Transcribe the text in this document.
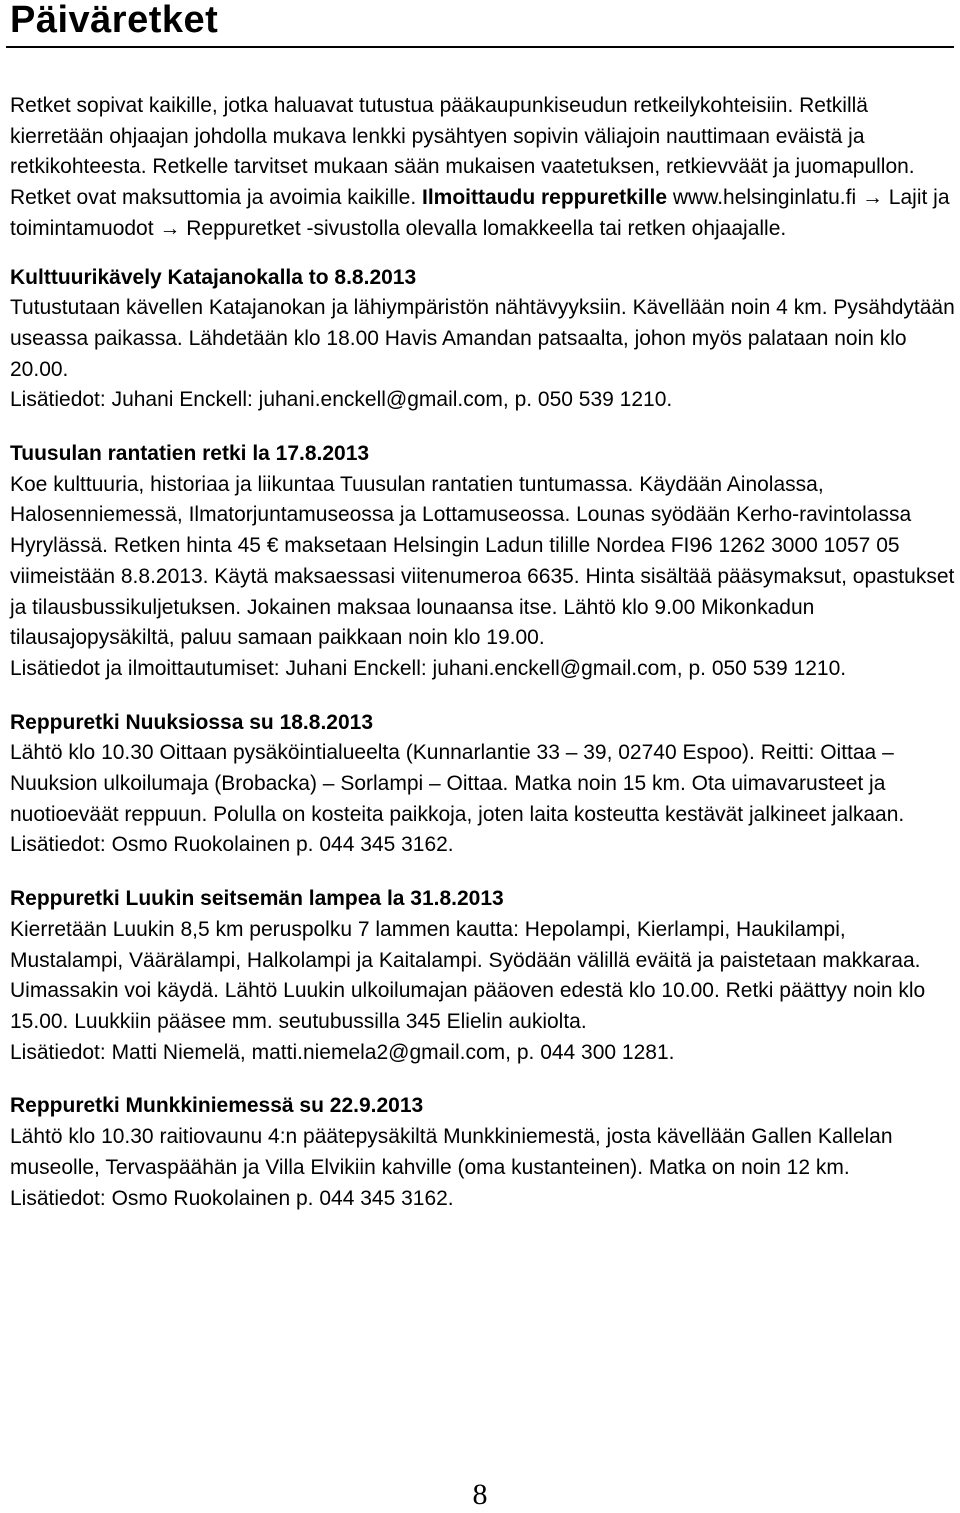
Päiväretket

Retket sopivat kaikille, jotka haluavat tutustua pääkaupunkiseudun retkeilykohteisiin. Retkillä kierretään ohjaajan johdolla mukava lenkki pysähtyen sopivin väliajoin nauttimaan eväistä ja retkikohteesta. Retkelle tarvitset mukaan sään mukaisen vaatetuksen, retkievväät ja juomapullon. Retket ovat maksuttomia ja avoimia kaikille. Ilmoittaudu reppuretkille www.helsinginlatu.fi → Lajit ja toimintamuodot → Reppuretket -sivustolla olevalla lomakkeella tai retken ohjaajalle.

Kulttuurikävely Katajanokalla to 8.8.2013

Tutustutaan kävellen Katajanokan ja lähiympäristön nähtävyyksiin. Kävellään noin 4 km. Pysähdytään useassa paikassa. Lähdetään klo 18.00 Havis Amandan patsaalta, johon myös palataan noin klo 20.00.
Lisätiedot: Juhani Enckell: juhani.enckell@gmail.com, p. 050 539 1210.

Tuusulan rantatien retki la 17.8.2013

Koe kulttuuria, historiaa ja liikuntaa Tuusulan rantatien tuntumassa. Käydään Ainolassa, Halosenniemessä, Ilmatorjuntamuseossa ja Lottamuseossa. Lounas syödään Kerho-ravintolassa Hyrylässä. Retken hinta 45 € maksetaan Helsingin Ladun tilille Nordea FI96 1262 3000 1057 05 viimeistään 8.8.2013. Käytä maksaessasi viitenumeroa 6635. Hinta sisältää pääsymaksut, opastukset ja tilausbussikuljetuksen. Jokainen maksaa lounaansa itse. Lähtö klo 9.00 Mikonkadun tilausajopysäkiltä, paluu samaan paikkaan noin klo 19.00.
Lisätiedot ja ilmoittautumiset: Juhani Enckell: juhani.enckell@gmail.com, p. 050 539 1210.

Reppuretki Nuuksiossa su 18.8.2013

Lähtö klo 10.30 Oittaan pysäköintialueelta (Kunnarlantie 33 – 39, 02740 Espoo). Reitti: Oittaa – Nuuksion ulkoilumaja (Brobacka) – Sorlampi – Oittaa. Matka noin 15 km. Ota uimavarusteet ja nuotioeväät reppuun. Polulla on kosteita paikkoja, joten laita kosteutta kestävät jalkineet jalkaan.
Lisätiedot: Osmo Ruokolainen p. 044 345 3162.

Reppuretki Luukin seitsemän lampea la 31.8.2013

Kierretään Luukin 8,5 km peruspolku 7 lammen kautta: Hepolampi, Kierlampi, Haukilampi, Mustalampi, Väärälampi, Halkolampi ja Kaitalampi. Syödään välillä eväitä ja paistetaan makkaraa. Uimassakin voi käydä. Lähtö Luukin ulkoilumajan pääoven edestä klo 10.00. Retki päättyy noin klo 15.00. Luukkiin pääsee mm. seutubussilla 345 Elielin aukiolta.
Lisätiedot: Matti Niemelä, matti.niemela2@gmail.com, p. 044 300 1281.

Reppuretki Munkkiniemessä su 22.9.2013

Lähtö klo 10.30 raitiovaunu 4:n päätepysäkiltä Munkkiniemestä, josta kävellään Gallen Kallelan museolle, Tervaspäähän ja Villa Elvikiin kahville (oma kustanteinen). Matka on noin 12 km.
Lisätiedot: Osmo Ruokolainen p. 044 345 3162.

8
